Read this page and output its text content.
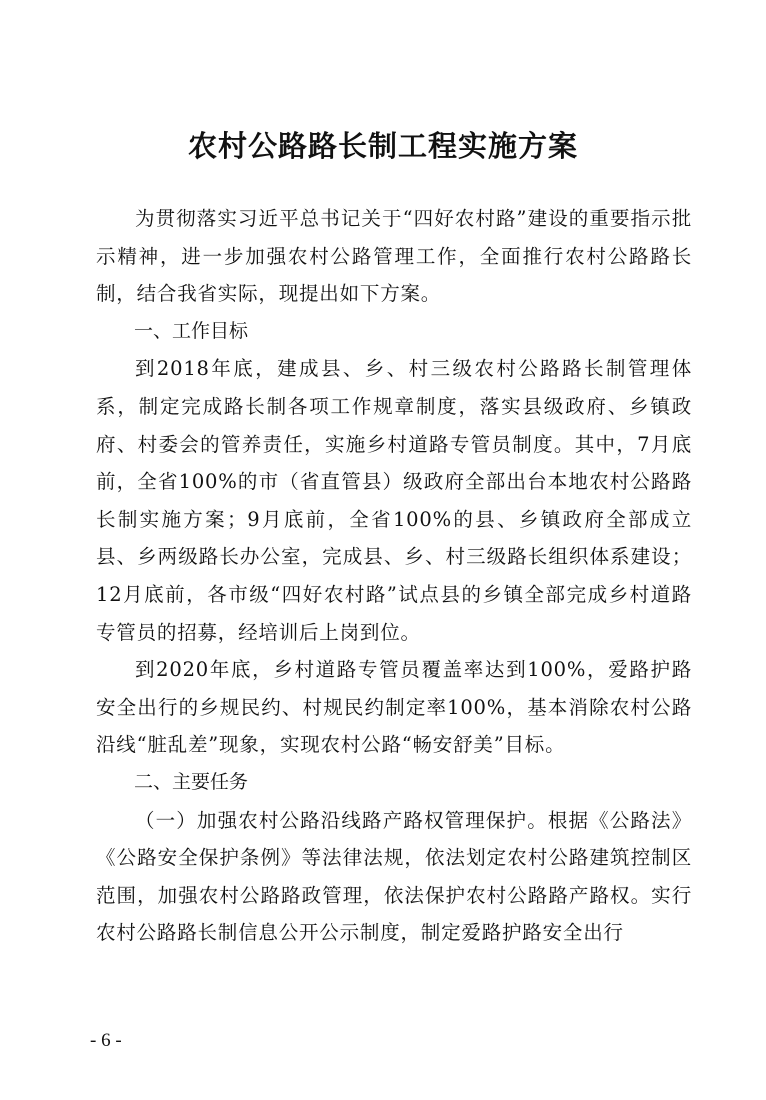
农村公路路长制工程实施方案

为贯彻落实习近平总书记关于“四好农村路”建设的重要指示批示精神，进一步加强农村公路管理工作，全面推行农村公路路长制，结合我省实际，现提出如下方案。

一、工作目标

到2018年底，建成县、乡、村三级农村公路路长制管理体系，制定完成路长制各项工作规章制度，落实县级政府、乡镇政府、村委会的管养责任，实施乡村道路专管员制度。其中，7月底前，全省100%的市（省直管县）级政府全部出台本地农村公路路长制实施方案；9月底前，全省100%的县、乡镇政府全部成立县、乡两级路长办公室，完成县、乡、村三级路长组织体系建设； 12月底前，各市级“四好农村路”试点县的乡镇全部完成乡村道路专管员的招募，经培训后上岗到位。

到2020年底，乡村道路专管员覆盖率达到100%，爱路护路安全出行的乡规民约、村规民约制定率100%，基本消除农村公路沿线“脏乱差”现象，实现农村公路“畅安舒美”目标。

二、主要任务

（一）加强农村公路沿线路产路权管理保护。根据《公路法》《公路安全保护条例》等法律法规，依法划定农村公路建筑控制区范围，加强农村公路路政管理，依法保护农村公路路产路权。实行农村公路路长制信息公开公示制度，制定爱路护路安全出行

- 6 -
